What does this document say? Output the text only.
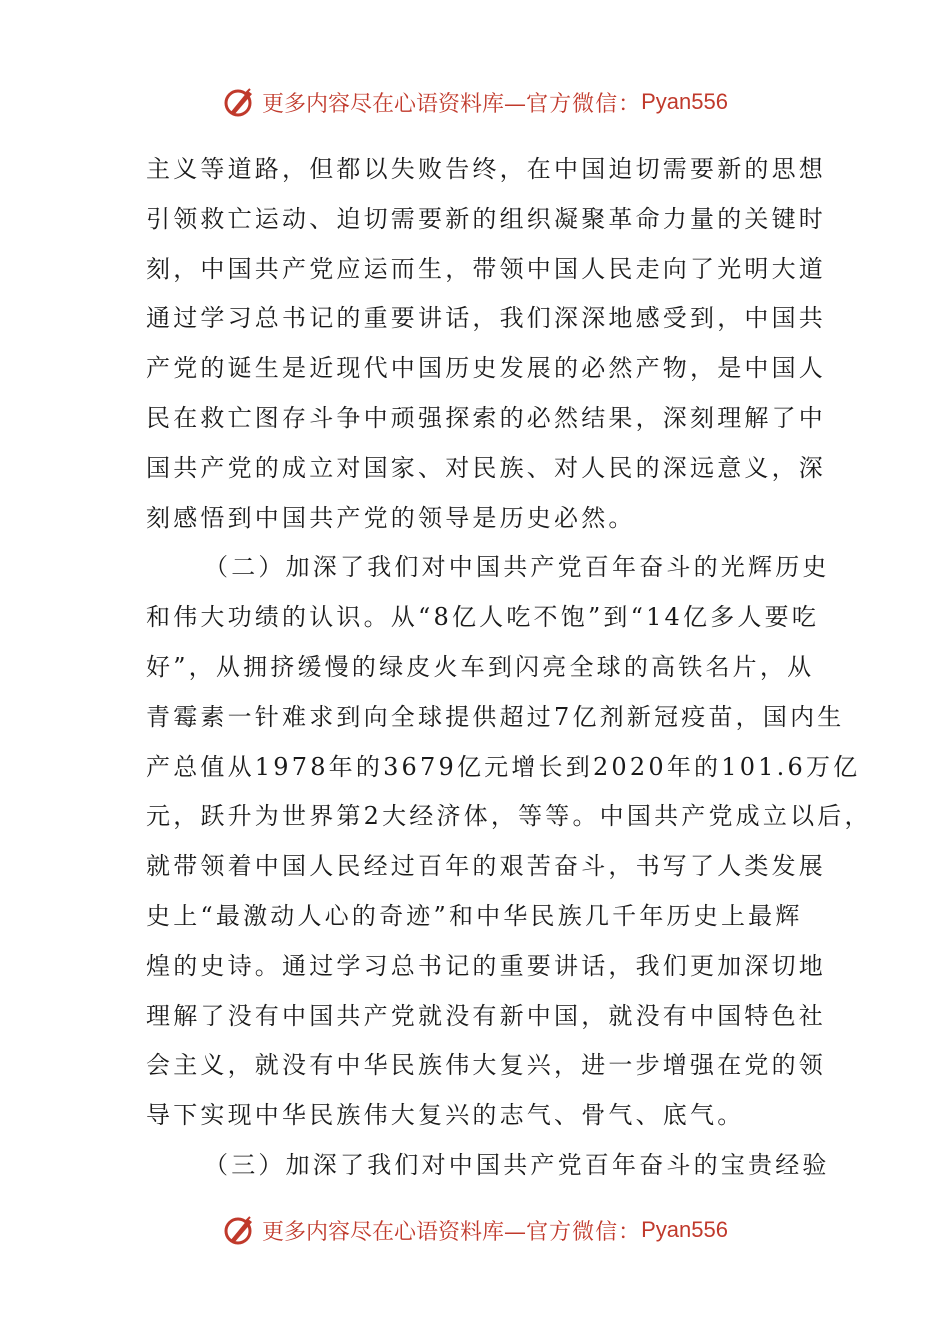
更多内容尽在心语资料库— 官方微信： Pyan556
主义等道路，但都以失败告终，在中国迫切需要新的思想
引领救亡运动、迫切需要新的组织凝聚革命力量的关键时
刻，中国共产党应运而生，带领中国人民走向了光明大道
通过学习总书记的重要讲话，我们深深地感受到，中国共
产党的诞生是近现代中国历史发展的必然产物，是中国人
民在救亡图存斗争中顽强探索的必然结果，深刻理解了中
国共产党的成立对国家、对民族、对人民的深远意义，深
刻感悟到中国共产党的领导是历史必然。
（二）加深了我们对中国共产党百年奋斗的光辉历史
和伟大功绩的认识。从“8亿人吃不饱”到“14亿多人要吃
好”，从拥挤缓慢的绿皮火车到闪亮全球的高铁名片，从
青霉素一针难求到向全球提供超过7亿剂新冠疫苗，国内生
产总值从1978年的3679亿元增长到2020年的101.6万亿
元，跃升为世界第2大经济体，等等。中国共产党成立以后，
就带领着中国人民经过百年的艰苦奋斗，书写了人类发展
史上“最激动人心的奇迹”和中华民族几千年历史上最辉
煌的史诗。通过学习总书记的重要讲话，我们更加深切地
理解了没有中国共产党就没有新中国，就没有中国特色社
会主义，就没有中华民族伟大复兴，进一步增强在党的领
导下实现中华民族伟大复兴的志气、骨气、底气。
（三）加深了我们对中国共产党百年奋斗的宝贵经验
更多内容尽在心语资料库— 官方微信： Pyan556
